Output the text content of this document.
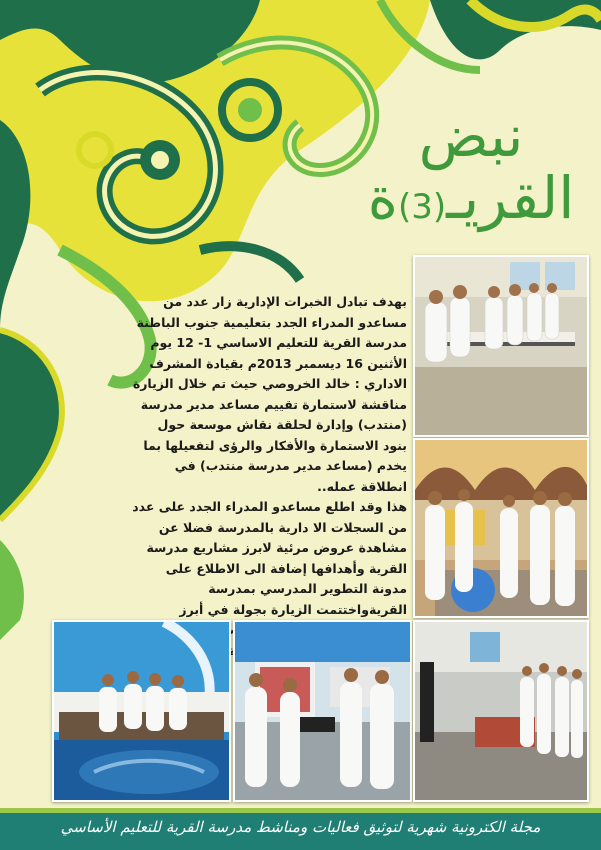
نبض
القريـ(3)ة

بهدف تبادل الخبرات الإدارية زار عدد من مساعدو المدراء الجدد بتعليمية جنوب الباطنة مدرسة القرية للتعليم الاساسي 1- 12 يوم الأثنين 16 ديسمبر 2013م بقيادة المشرف الاداري : خالد الخروصي حيث تم خلال الزيارة مناقشة لاستمارة تقييم مساعد مدير مدرسة (منتدب) وإدارة لحلقة نقاش موسعة حول بنود الاستمارة والأفكار والرؤى لتفعيلها بما يخدم (مساعد مدير مدرسة منتدب) في انطلاقة عمله..

هذا وقد اطلع مساعدو المدراء الجدد على عدد من السجلات الا دارية بالمدرسة فضلا عن مشاهدة عروض مرئية لابرز مشاريع مدرسة القرية وأهدافها إضافة الى الاطلاع على مدونة التطوير المدرسي بمدرسة القريةواختتمت الزيارة بجولة في أبرز

مجلة الكترونية شهرية لتوثيق فعاليات ومناشط مدرسة القرية للتعليم الأساسي
